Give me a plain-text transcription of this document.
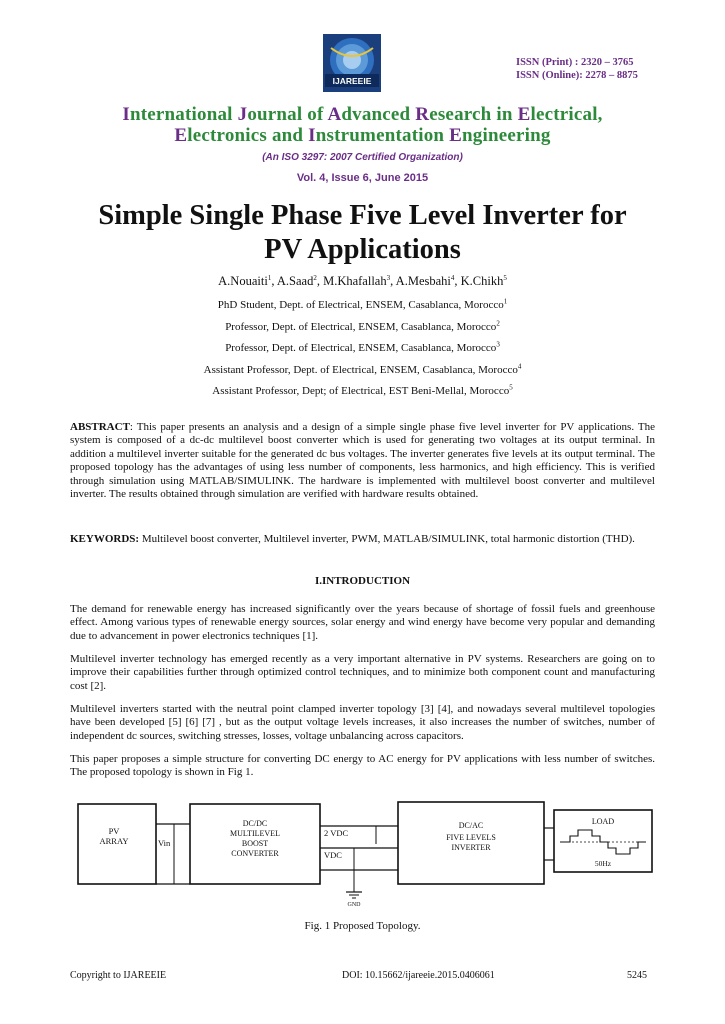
IJAREEIE
ISSN (Print) : 2320 – 3765
ISSN (Online): 2278 – 8875
International Journal of Advanced Research in Electrical,
Electronics and Instrumentation Engineering
(An ISO 3297: 2007 Certified Organization)
Vol. 4, Issue 6, June 2015
Simple Single Phase Five Level Inverter for
PV Applications
A.Nouaiti$^1$, A.Saad$^2$, M.Khafallah$^3$, A.Mesbahi$^4$, K.Chikh$^5$
PhD Student, Dept. of Electrical, ENSEM, Casablanca, Morocco$^1$
Professor, Dept. of Electrical, ENSEM, Casablanca, Morocco$^2$
Professor, Dept. of Electrical, ENSEM, Casablanca, Morocco$^3$
Assistant Professor, Dept. of Electrical, ENSEM, Casablanca, Morocco$^4$
Assistant Professor, Dept; of Electrical, EST Beni-Mellal, Morocco$^5$
ABSTRACT: This paper presents an analysis and a design of a simple single phase five level inverter for PV applications. The system is composed of a dc-dc multilevel boost converter which is used for generating two voltages at its output terminal. In addition a multilevel inverter suitable for the generated dc bus voltages. The inverter generates five levels at its output terminal. The proposed topology has the advantages of using less number of components, less harmonics, and high efficiency. This is verified through simulation using MATLAB/SIMULINK. The hardware is implemented with multilevel boost converter and multilevel inverter. The results obtained through simulation are verified with hardware results obtained.
KEYWORDS: Multilevel boost converter, Multilevel inverter, PWM, MATLAB/SIMULINK, total harmonic distortion (THD).
I.INTRODUCTION
The demand for renewable energy has increased significantly over the years because of shortage of fossil fuels and greenhouse effect. Among various types of renewable energy sources, solar energy and wind energy have become very popular and demanding due to advancement in power electronics techniques [1].
Multilevel inverter technology has emerged recently as a very important alternative in PV systems. Researchers are going on to improve their capabilities further through optimized control techniques, and to minimize both component count and manufacturing cost [2].
Multilevel inverters started with the neutral point clamped inverter topology [3] [4], and nowadays several multilevel topologies have been developed [5] [6] [7] , but as the output voltage levels increases, it also increases the number of switches, number of independent dc sources, switching stresses, losses, voltage unbalancing across capacitors.
This paper proposes a simple structure for converting DC energy to AC energy for PV applications with less number of switches. The proposed topology is shown in Fig 1.
PV
ARRAY	Vin
DC/DC
MULTILEVEL
BOOST
CONVERTER
2 VDC
VDC
GND
DC/AC
FIVE LEVELS
INVERTER
LOAD
50Hz
Fig. 1 Proposed Topology.
Copyright to IJAREEIE	DOI: 10.15662/ijareeie.2015.0406061	5245
